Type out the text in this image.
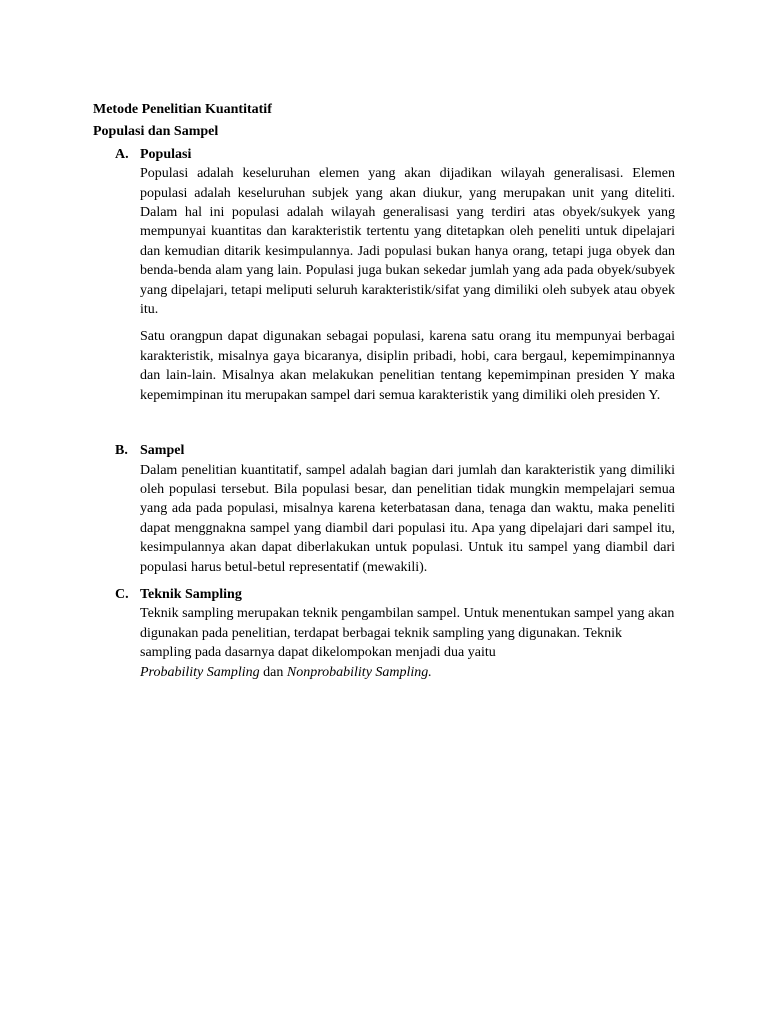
Metode Penelitian Kuantitatif

Populasi dan Sampel

A. Populasi

Populasi adalah keseluruhan elemen yang akan dijadikan wilayah generalisasi. Elemen populasi adalah keseluruhan subjek yang akan diukur, yang merupakan unit yang diteliti. Dalam hal ini populasi adalah wilayah generalisasi yang terdiri atas obyek/sukyek yang mempunyai kuantitas dan karakteristik tertentu yang ditetapkan oleh peneliti untuk dipelajari dan kemudian ditarik kesimpulannya. Jadi populasi bukan hanya orang, tetapi juga obyek dan benda-benda alam yang lain. Populasi juga bukan sekedar jumlah yang ada pada obyek/subyek yang dipelajari, tetapi meliputi seluruh karakteristik/sifat yang dimiliki oleh subyek atau obyek itu.

Satu orangpun dapat digunakan sebagai populasi, karena satu orang itu mempunyai berbagai karakteristik, misalnya gaya bicaranya, disiplin pribadi, hobi, cara bergaul, kepemimpinannya dan lain-lain. Misalnya akan melakukan penelitian tentang kepemimpinan presiden Y maka kepemimpinan itu merupakan sampel dari semua karakteristik yang dimiliki oleh presiden Y.

B. Sampel

Dalam penelitian kuantitatif, sampel adalah bagian dari jumlah dan karakteristik yang dimiliki oleh populasi tersebut. Bila populasi besar, dan penelitian tidak mungkin mempelajari semua yang ada pada populasi, misalnya karena keterbatasan dana, tenaga dan waktu, maka peneliti dapat menggnakna sampel yang diambil dari populasi itu. Apa yang dipelajari dari sampel itu, kesimpulannya akan dapat diberlakukan untuk populasi. Untuk itu sampel yang diambil dari populasi harus betul-betul representatif (mewakili).

C. Teknik Sampling

Teknik sampling merupakan teknik pengambilan sampel. Untuk menentukan sampel yang akan digunakan pada penelitian, terdapat berbagai teknik sampling yang digunakan. Teknik sampling pada dasarnya dapat dikelompokan menjadi dua yaitu
Probability Sampling dan Nonprobability Sampling.
